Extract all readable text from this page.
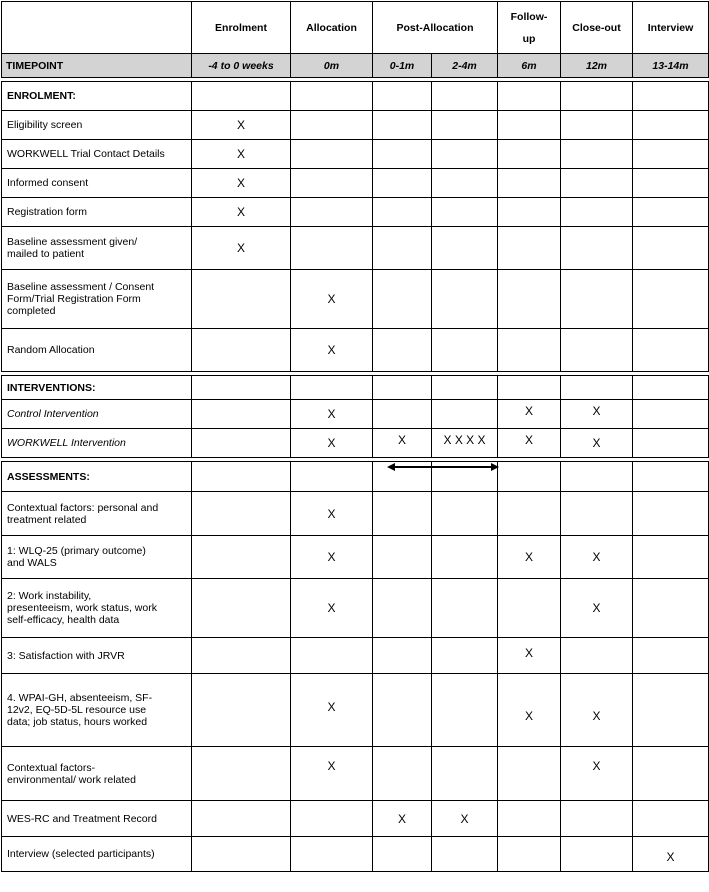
	Enrolment	Allocation	Post-Allocation		Follow-
up	Close-out	Interview
TIMEPOINT	-4 to 0 weeks	0m	0-1m	2-4m	6m	12m	13-14m

ENROLMENT:							
Eligibility screen	X						
WORKWELL Trial Contact Details	X						
Informed consent	X						
Registration form	X						
Baseline assessment given/
mailed to patient	X						
Baseline assessment / Consent
Form/Trial Registration Form
completed		X					
Random Allocation		X					

INTERVENTIONS:							
Control Intervention		X			X	X	
WORKWELL Intervention		X	X	X X X X	X	X	

ASSESSMENTS:							
Contextual factors: personal and
treatment related		X					
1: WLQ-25 (primary outcome)
and WALS		X			X	X	
2: Work instability,
presenteeism, work status, work
self-efficacy, health data		X				X	
3: Satisfaction with JRVR					X		
4. WPAI-GH, absenteeism, SF-
12v2, EQ-5D-5L resource use
data; job status, hours worked		X			X	X	
Contextual factors-
environmental/ work related		X				X	
WES-RC and Treatment Record			X	X			
Interview (selected participants)							X
